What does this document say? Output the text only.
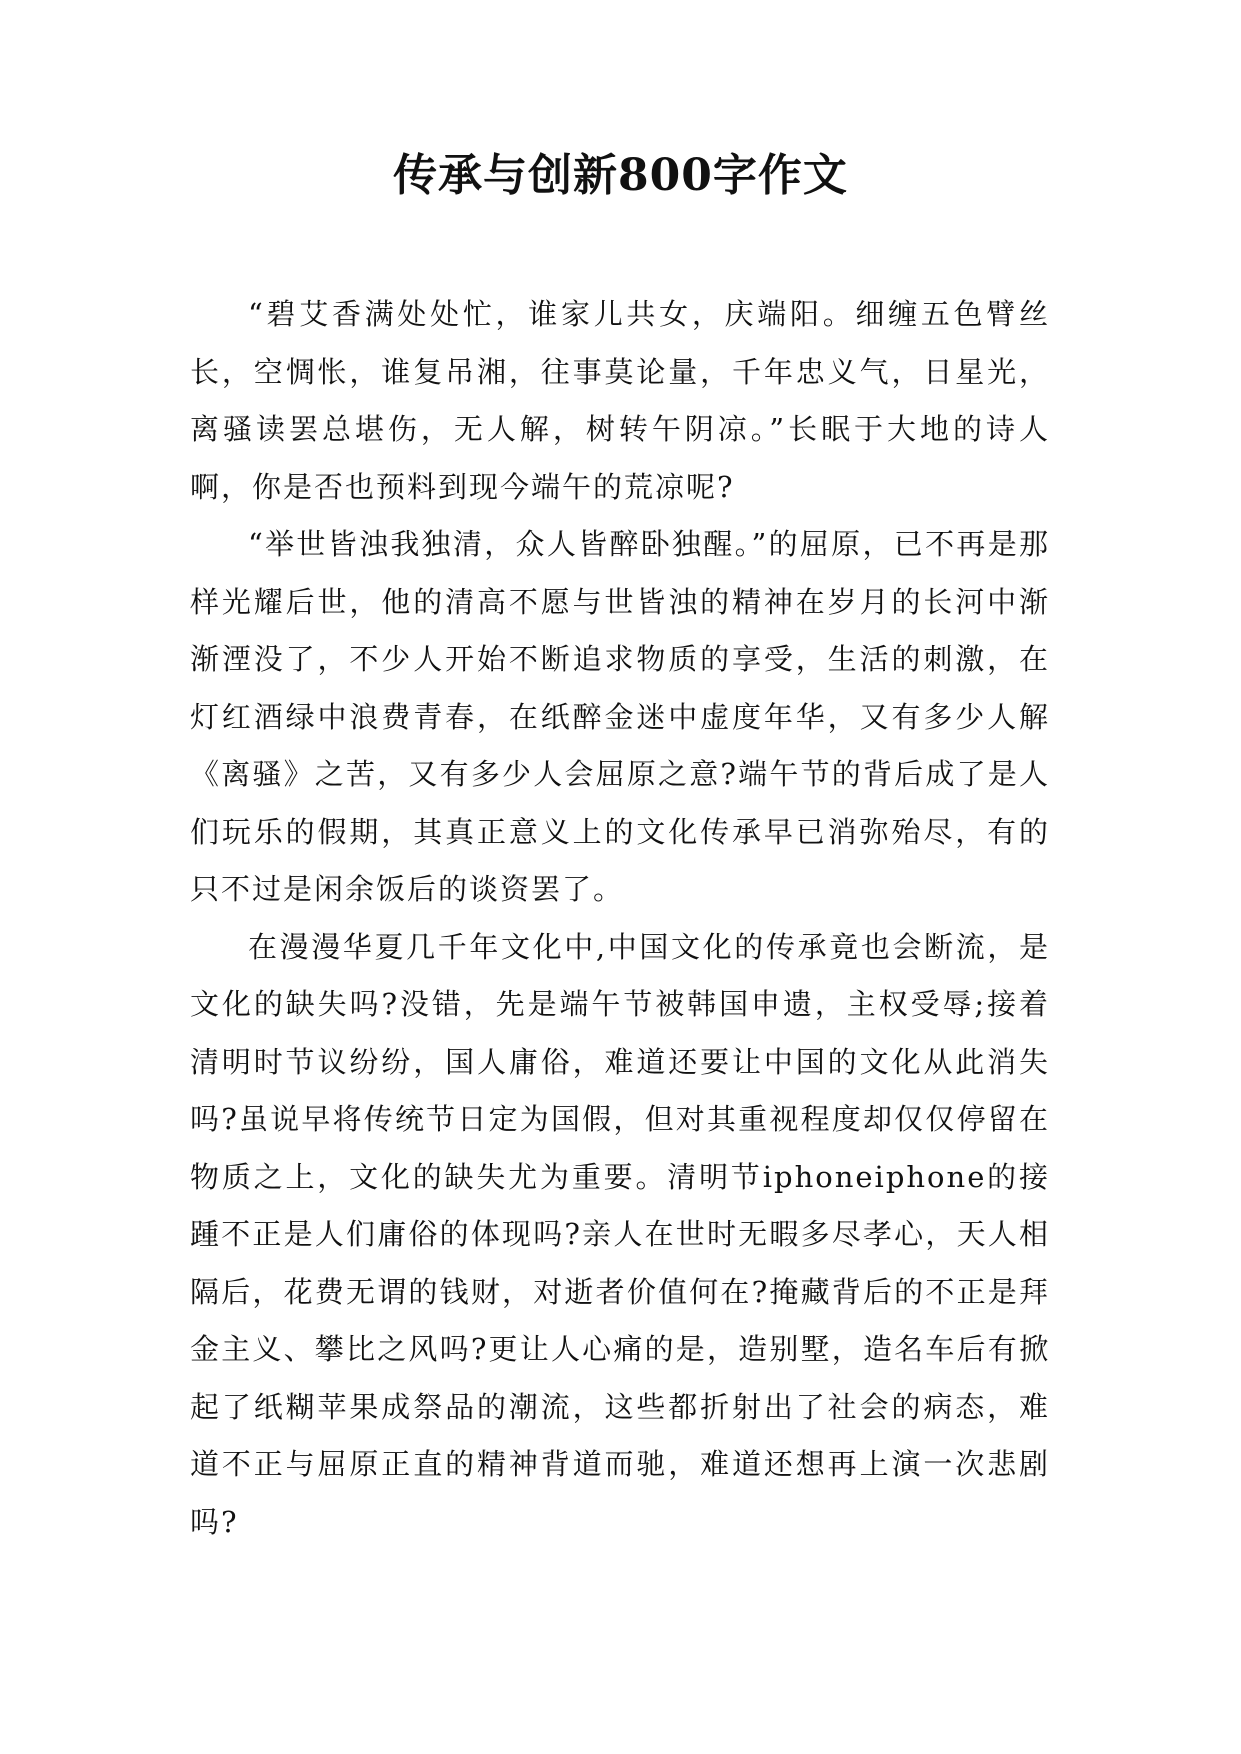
传承与创新800字作文

“碧艾香满处处忙，谁家儿共女，庆端阳。细缠五色臂丝长，空惆怅，谁复吊湘，往事莫论量，千年忠义气，日星光，离骚读罢总堪伤，无人解，树转午阴凉。”长眠于大地的诗人啊，你是否也预料到现今端午的荒凉呢?

“举世皆浊我独清，众人皆醉卧独醒。”的屈原，已不再是那样光耀后世，他的清高不愿与世皆浊的精神在岁月的长河中渐渐湮没了，不少人开始不断追求物质的享受，生活的刺激，在灯红酒绿中浪费青春，在纸醉金迷中虚度年华，又有多少人解《离骚》之苦，又有多少人会屈原之意?端午节的背后成了是人们玩乐的假期，其真正意义上的文化传承早已消弥殆尽，有的只不过是闲余饭后的谈资罢了。

在漫漫华夏几千年文化中,中国文化的传承竟也会断流，是文化的缺失吗?没错，先是端午节被韩国申遗，主权受辱;接着清明时节议纷纷，国人庸俗，难道还要让中国的文化从此消失吗?虽说早将传统节日定为国假，但对其重视程度却仅仅停留在物质之上，文化的缺失尤为重要。清明节iphoneiphone的接踵不正是人们庸俗的体现吗?亲人在世时无暇多尽孝心，天人相隔后，花费无谓的钱财，对逝者价值何在?掩藏背后的不正是拜金主义、攀比之风吗?更让人心痛的是，造别墅，造名车后有掀起了纸糊苹果成祭品的潮流，这些都折射出了社会的病态，难道不正与屈原正直的精神背道而驰，难道还想再上演一次悲剧吗?
